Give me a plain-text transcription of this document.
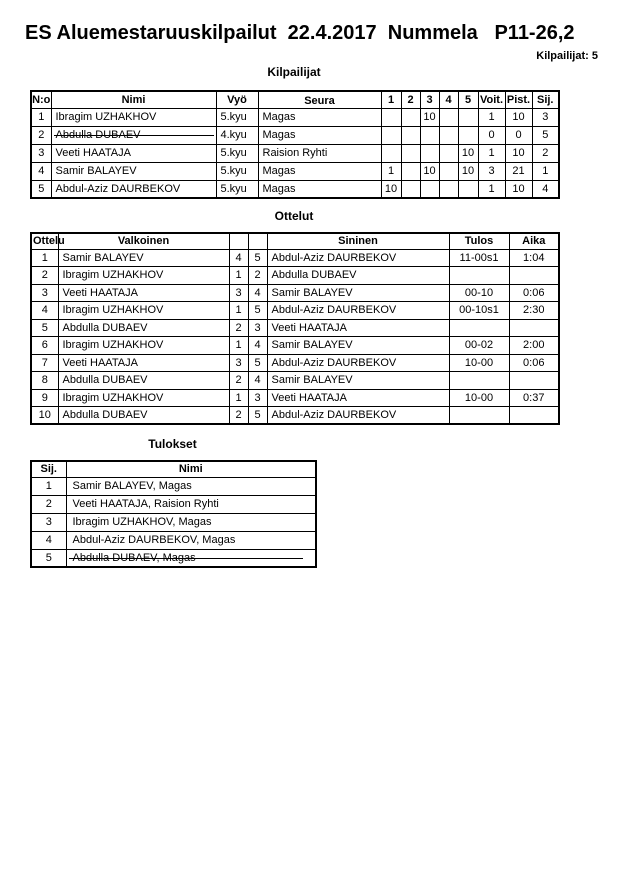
ES Aluemestaruuskilpailut  22.4.2017  Nummela   P11-26,2
Kilpailijat: 5
Kilpailijat
N:o	Nimi	Vyö	Seura	1	2	3	4	5	Voit.	Pist.	Sij.
1	Ibragim UZHAKHOV	5.kyu	Magas			10			1	10	3
2	Abdulla DUBAEV	4.kyu	Magas						0	0	5
3	Veeti HAATAJA	5.kyu	Raision Ryhti					10	1	10	2
4	Samir BALAYEV	5.kyu	Magas	1		10		10	3	21	1
5	Abdul-Aziz DAURBEKOV	5.kyu	Magas	10					1	10	4
Ottelut
Ottelu	Valkoinen			Sininen	Tulos	Aika
1	Samir BALAYEV	4	5	Abdul-Aziz DAURBEKOV	11-00s1	1:04
2	Ibragim UZHAKHOV	1	2	Abdulla DUBAEV		
3	Veeti HAATAJA	3	4	Samir BALAYEV	00-10	0:06
4	Ibragim UZHAKHOV	1	5	Abdul-Aziz DAURBEKOV	00-10s1	2:30
5	Abdulla DUBAEV	2	3	Veeti HAATAJA		
6	Ibragim UZHAKHOV	1	4	Samir BALAYEV	00-02	2:00
7	Veeti HAATAJA	3	5	Abdul-Aziz DAURBEKOV	10-00	0:06
8	Abdulla DUBAEV	2	4	Samir BALAYEV		
9	Ibragim UZHAKHOV	1	3	Veeti HAATAJA	10-00	0:37
10	Abdulla DUBAEV	2	5	Abdul-Aziz DAURBEKOV		
Tulokset
Sij.	Nimi
1	Samir BALAYEV, Magas
2	Veeti HAATAJA, Raision Ryhti
3	Ibragim UZHAKHOV, Magas
4	Abdul-Aziz DAURBEKOV, Magas
5	Abdulla DUBAEV, Magas
